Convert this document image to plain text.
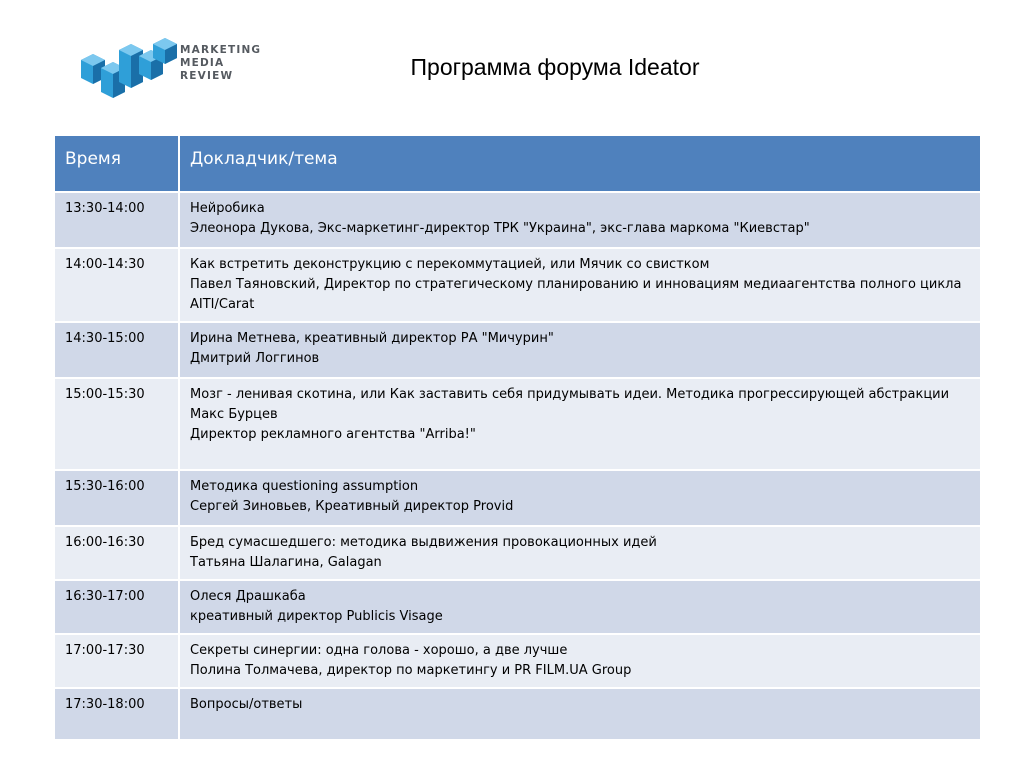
MARKETING
MEDIA
REVIEW	Программа форума Ideator
Время	Докладчик/тема
13:30-14:00	Нейробика
Элеонора Дукова, Экс-маркетинг-директор ТРК "Украина", экс-глава маркома "Киевстар"

14:00-14:30	Как встретить деконструкцию с перекоммутацией, или Мячик со свистком
Павел Таяновский, Директор по стратегическому планированию и инновациям медиаагентства полного цикла AITI/Carat

14:30-15:00	Ирина Метнева, креативный директор РА "Мичурин"
Дмитрий Логгинов

15:00-15:30	Мозг - ленивая скотина, или Как заставить себя придумывать идеи. Методика прогрессирующей абстракции
Макс Бурцев
Директор рекламного агентства "Arriba!"

15:30-16:00	Методика questioning assumption
Сергей Зиновьев, Креативный директор Provid

16:00-16:30	Бред сумасшедшего: методика выдвижения провокационных идей
Татьяна Шалагина, Galagan

16:30-17:00	Олеся Драшкаба
креативный директор Publicis Visage

17:00-17:30	Секреты синергии: одна голова - хорошо, а две лучше
Полина Толмачева, директор по маркетингу и PR FILM.UA Group

17:30-18:00	Вопросы/ответы
